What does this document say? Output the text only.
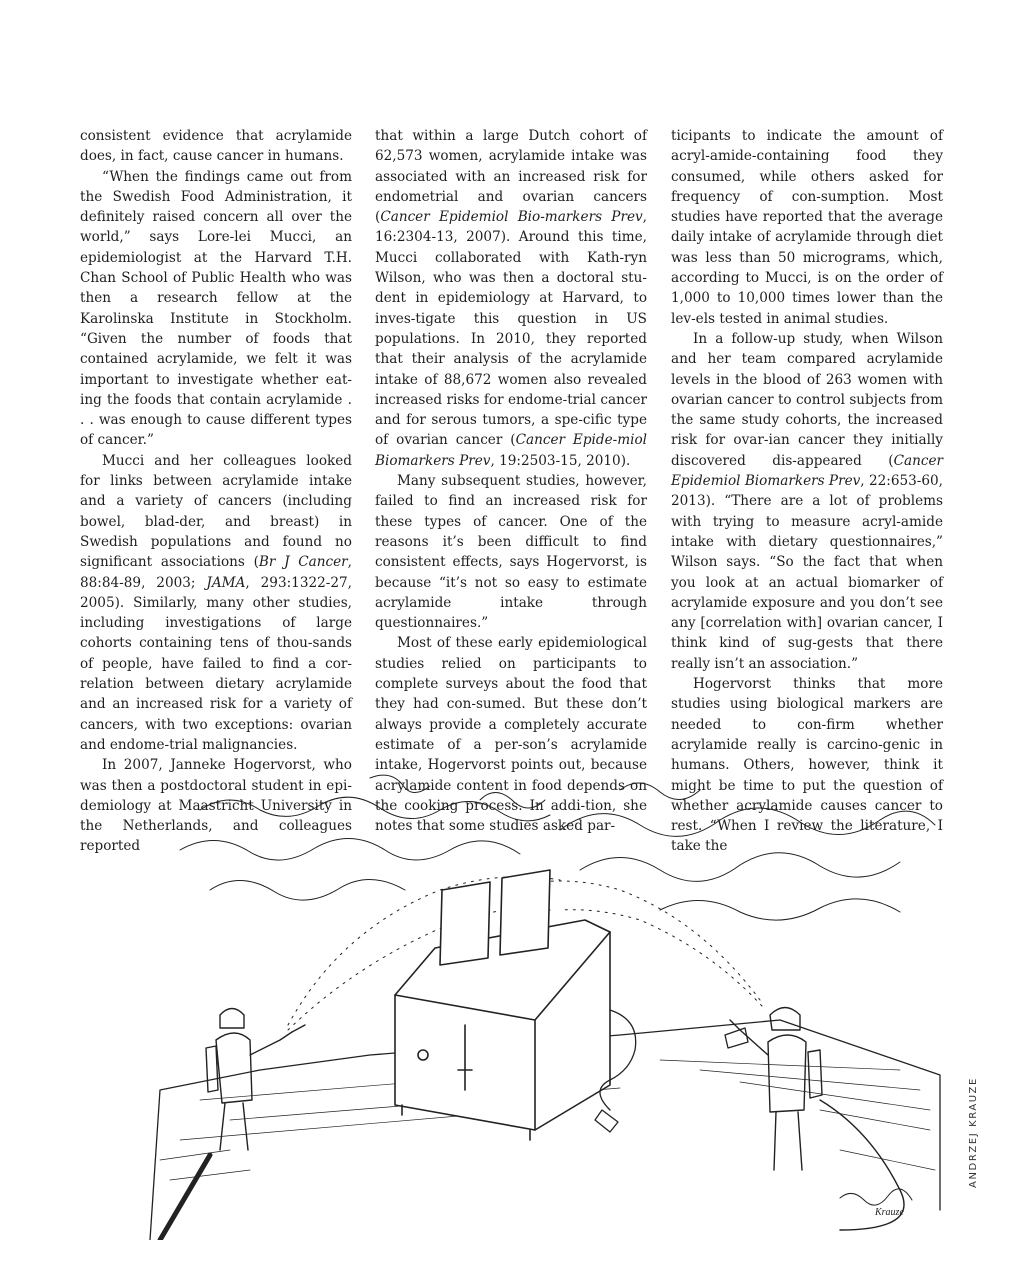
consistent evidence that acrylamide does, in fact, cause cancer in humans.

“When the findings came out from the Swedish Food Administration, it definitely raised concern all over the world,” says Lore-lei Mucci, an epidemiologist at the Harvard T.H. Chan School of Public Health who was then a research fellow at the Karolinska Institute in Stockholm. “Given the number of foods that contained acrylamide, we felt it was important to investigate whether eat-ing the foods that contain acrylamide . . . was enough to cause different types of cancer.”

Mucci and her colleagues looked for links between acrylamide intake and a variety of cancers (including bowel, blad-der, and breast) in Swedish populations and found no significant associations (Br J Cancer, 88:84-89, 2003; JAMA, 293:1322-27, 2005). Similarly, many other studies, including investigations of large cohorts containing tens of thou-sands of people, have failed to find a cor-relation between dietary acrylamide and an increased risk for a variety of cancers, with two exceptions: ovarian and endome-trial malignancies.

In 2007, Janneke Hogervorst, who was then a postdoctoral student in epi-demiology at Maastricht University in the Netherlands, and colleagues reported

that within a large Dutch cohort of 62,573 women, acrylamide intake was associated with an increased risk for endometrial and ovarian cancers (Cancer Epidemiol Bio-markers Prev, 16:2304-13, 2007). Around this time, Mucci collaborated with Kath-ryn Wilson, who was then a doctoral stu-dent in epidemiology at Harvard, to inves-tigate this question in US populations. In 2010, they reported that their analysis of the acrylamide intake of 88,672 women also revealed increased risks for endome-trial cancer and for serous tumors, a spe-cific type of ovarian cancer (Cancer Epide-miol Biomarkers Prev, 19:2503-15, 2010).

Many subsequent studies, however, failed to find an increased risk for these types of cancer. One of the reasons it’s been difficult to find consistent effects, says Hogervorst, is because “it’s not so easy to estimate acrylamide intake through questionnaires.”

Most of these early epidemiological studies relied on participants to complete surveys about the food that they had con-sumed. But these don’t always provide a completely accurate estimate of a per-son’s acrylamide intake, Hogervorst points out, because acrylamide content in food depends on the cooking process. In addi-tion, she notes that some studies asked par-

ticipants to indicate the amount of acryl-amide-containing food they consumed, while others asked for frequency of con-sumption. Most studies have reported that the average daily intake of acrylamide through diet was less than 50 micrograms, which, according to Mucci, is on the order of 1,000 to 10,000 times lower than the lev-els tested in animal studies.

In a follow-up study, when Wilson and her team compared acrylamide levels in the blood of 263 women with ovarian cancer to control subjects from the same study cohorts, the increased risk for ovar-ian cancer they initially discovered dis-appeared (Cancer Epidemiol Biomarkers Prev, 22:653-60, 2013). “There are a lot of problems with trying to measure acryl-amide intake with dietary questionnaires,” Wilson says. “So the fact that when you look at an actual biomarker of acrylamide exposure and you don’t see any [correlation with] ovarian cancer, I think kind of sug-gests that there really isn’t an association.”

Hogervorst thinks that more studies using biological markers are needed to con-firm whether acrylamide really is carcino-genic in humans. Others, however, think it might be time to put the question of whether acrylamide causes cancer to rest. “When I review the literature, I take the

Krauze
ANDRZEJ KRAUZE
